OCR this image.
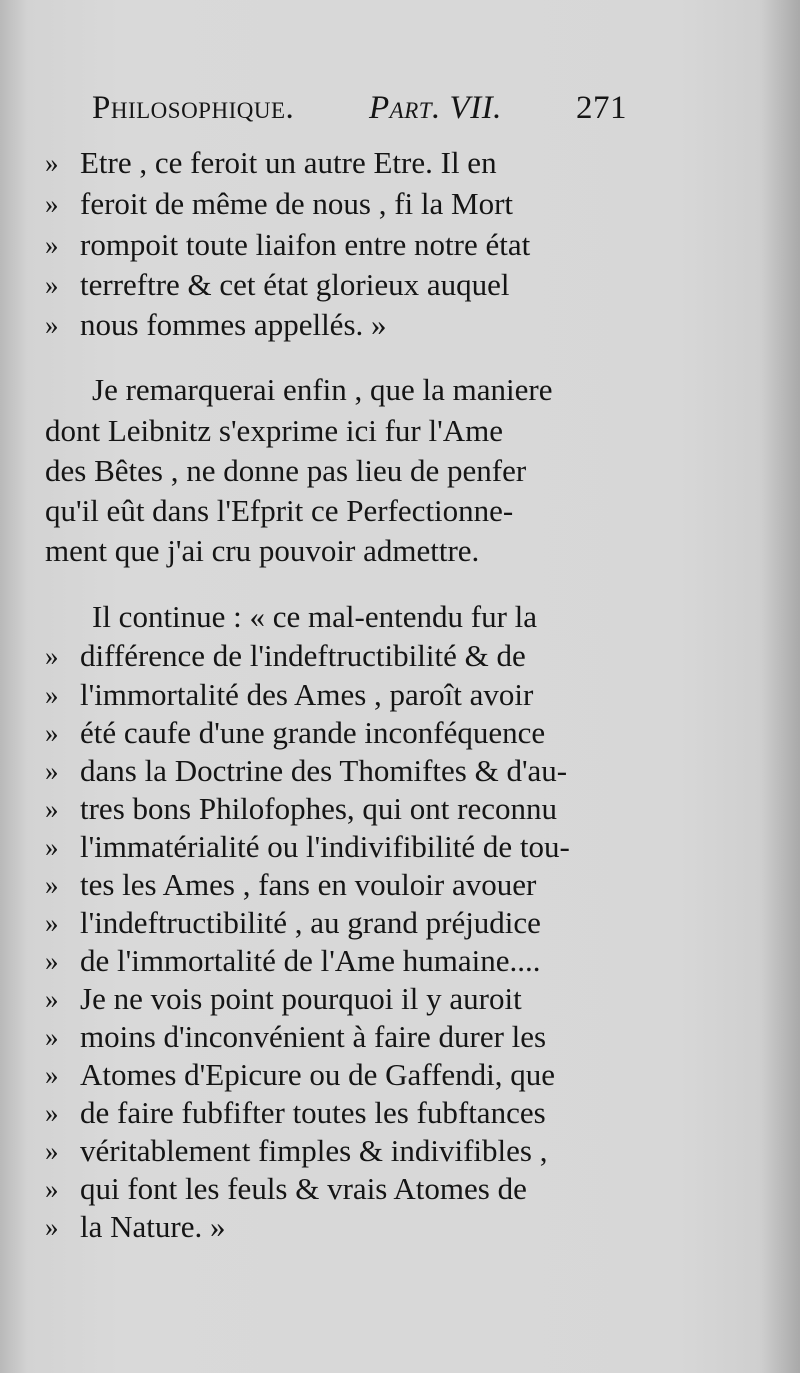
Philosophique. Part. VII. 271
» Etre , ce feroit un autre Etre. Il en
» feroit de même de nous , fi la Mort
» rompoit toute liaifon entre notre état
» terreftre & cet état glorieux auquel
» nous fommes appellés. »
Je remarquerai enfin , que la maniere
dont Leibnitz s'exprime ici fur l'Ame
des Bêtes , ne donne pas lieu de penfer
qu'il eût dans l'Efprit ce Perfectionne-
ment que j'ai cru pouvoir admettre.
Il continue : « ce mal-entendu fur la
» différence de l'indeftructibilité & de
» l'immortalité des Ames , paroît avoir
» été caufe d'une grande inconféquence
» dans la Doctrine des Thomiftes & d'au-
» tres bons Philofophes, qui ont reconnu
» l'immatérialité ou l'indivifibilité de tou-
» tes les Ames , fans en vouloir avouer
» l'indeftructibilité , au grand préjudice
» de l'immortalité de l'Ame humaine....
» Je ne vois point pourquoi il y auroit
» moins d'inconvénient à faire durer les
» Atomes d'Epicure ou de Gaffendi, que
» de faire fubfifter toutes les fubftances
» véritablement fimples & indivifibles ,
» qui font les feuls & vrais Atomes de
» la Nature. »
